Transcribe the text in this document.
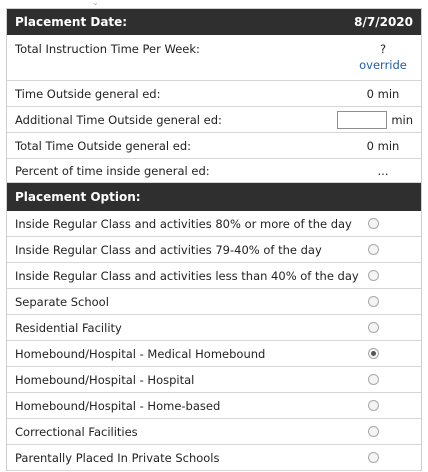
⌄
Placement Date:	8/7/2020
Total Instruction Time Per Week:	?
override
Time Outside general ed:	0 min
Additional Time Outside general ed:	min
Total Time Outside general ed:	0 min
Percent of time inside general ed:	...
Placement Option:
Inside Regular Class and activities 80% or more of the day
Inside Regular Class and activities 79-40% of the day
Inside Regular Class and activities less than 40% of the day
Separate School
Residential Facility
Homebound/Hospital - Medical Homebound
Homebound/Hospital - Hospital
Homebound/Hospital - Home-based
Correctional Facilities
Parentally Placed In Private Schools
